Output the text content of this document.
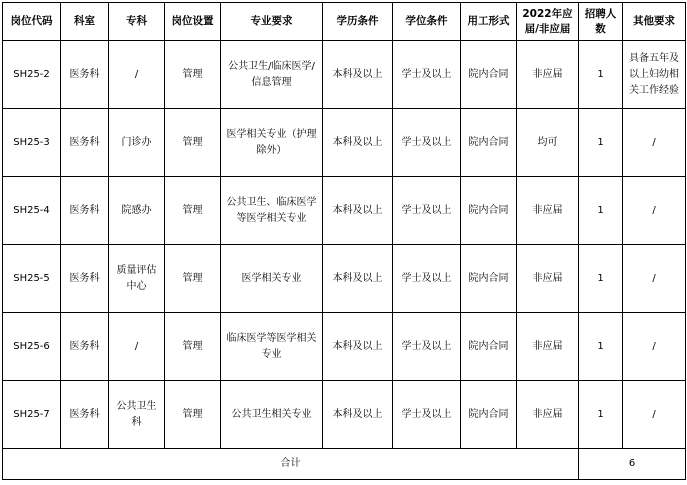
岗位代码	科室	专科	岗位设置	专业要求	学历条件	学位条件	用工形式	2022年应届/非应届	招聘人数	其他要求
SH25-2	医务科	/	管理	公共卫生/临床医学/信息管理	本科及以上	学士及以上	院内合同	非应届	1	具备五年及以上妇幼相关工作经验
SH25-3	医务科	门诊办	管理	医学相关专业（护理除外）	本科及以上	学士及以上	院内合同	均可	1	/
SH25-4	医务科	院感办	管理	公共卫生、临床医学等医学相关专业	本科及以上	学士及以上	院内合同	非应届	1	/
SH25-5	医务科	质量评估中心	管理	医学相关专业	本科及以上	学士及以上	院内合同	非应届	1	/
SH25-6	医务科	/	管理	临床医学等医学相关专业	本科及以上	学士及以上	院内合同	非应届	1	/
SH25-7	医务科	公共卫生科	管理	公共卫生相关专业	本科及以上	学士及以上	院内合同	非应届	1	/
合计									6	
